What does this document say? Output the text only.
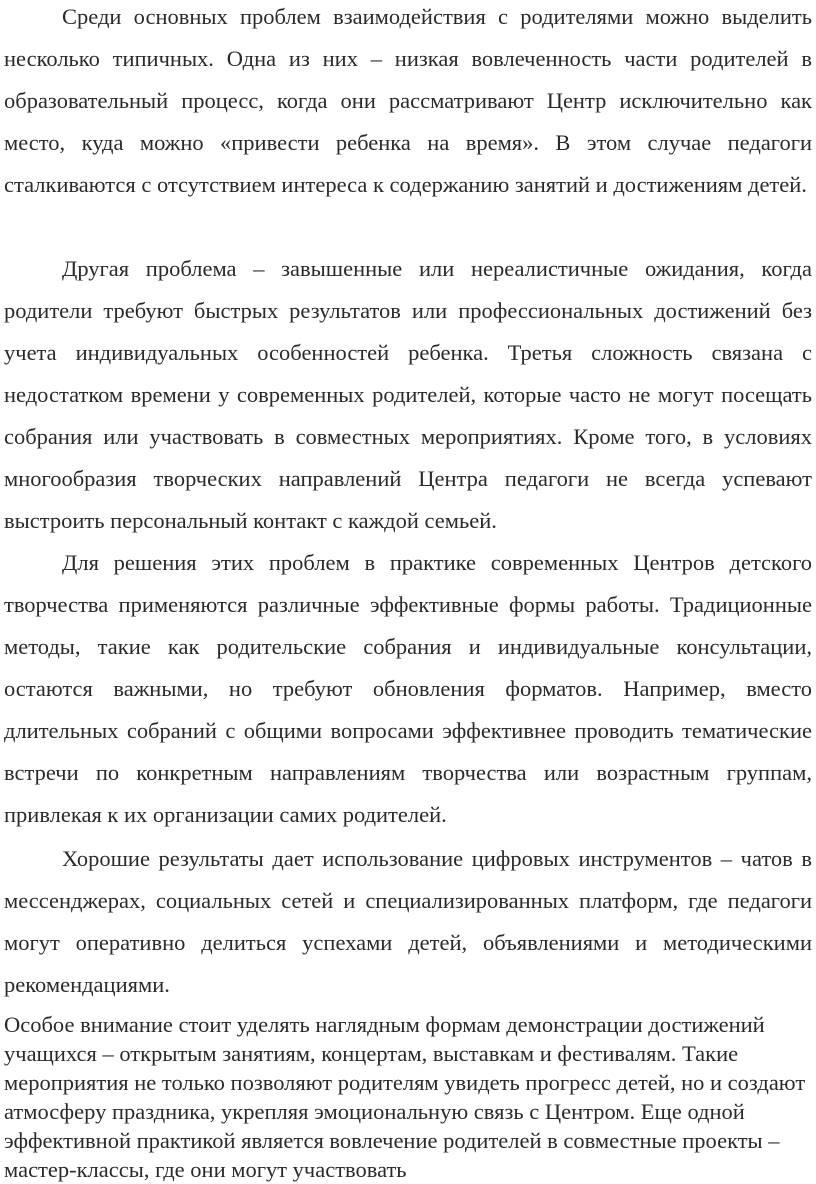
Среди основных проблем взаимодействия с родителями можно выделить несколько типичных. Одна из них – низкая вовлеченность части родителей в образовательный процесс, когда они рассматривают Центр исключительно как место, куда можно «привести ребенка на время». В этом случае педагоги сталкиваются с отсутствием интереса к содержанию занятий и достижениям детей.

Другая проблема – завышенные или нереалистичные ожидания, когда родители требуют быстрых результатов или профессиональных достижений без учета индивидуальных особенностей ребенка. Третья сложность связана с недостатком времени у современных родителей, которые часто не могут посещать собрания или участвовать в совместных мероприятиях. Кроме того, в условиях многообразия творческих направлений Центра педагоги не всегда успевают выстроить персональный контакт с каждой семьей.

Для решения этих проблем в практике современных Центров детского творчества применяются различные эффективные формы работы. Традиционные методы, такие как родительские собрания и индивидуальные консультации, остаются важными, но требуют обновления форматов. Например, вместо длительных собраний с общими вопросами эффективнее проводить тематические встречи по конкретным направлениям творчества или возрастным группам, привлекая к их организации самих родителей.

Хорошие результаты дает использование цифровых инструментов – чатов в мессенджерах, социальных сетей и специализированных платформ, где педагоги могут оперативно делиться успехами детей, объявлениями и методическими рекомендациями.

Особое внимание стоит уделять наглядным формам демонстрации достижений учащихся – открытым занятиям, концертам, выставкам и фестивалям. Такие мероприятия не только позволяют родителям увидеть прогресс детей, но и создают атмосферу праздника, укрепляя эмоциональную связь с Центром. Еще одной эффективной практикой является вовлечение родителей в совместные проекты – мастер-классы, где они могут участвовать
